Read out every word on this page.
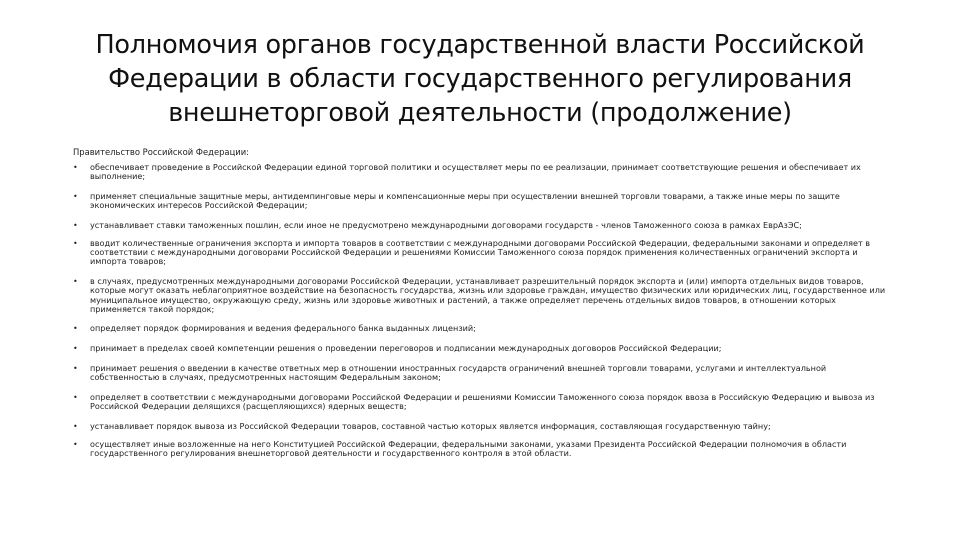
Полномочия органов государственной власти Российской Федерации в области государственного регулирования внешнеторговой деятельности (продолжение)

Правительство Российской Федерации:

• обеспечивает проведение в Российской Федерации единой торговой политики и осуществляет меры по ее реализации, принимает соответствующие решения и обеспечивает их выполнение;
• применяет специальные защитные меры, антидемпинговые меры и компенсационные меры при осуществлении внешней торговли товарами, а также иные меры по защите экономических интересов Российской Федерации;
• устанавливает ставки таможенных пошлин, если иное не предусмотрено международными договорами государств - членов Таможенного союза в рамках ЕврАзЭС;
• вводит количественные ограничения экспорта и импорта товаров в соответствии с международными договорами Российской Федерации, федеральными законами и определяет в соответствии с международными договорами Российской Федерации и решениями Комиссии Таможенного союза порядок применения количественных ограничений экспорта и импорта товаров;
• в случаях, предусмотренных международными договорами Российской Федерации, устанавливает разрешительный порядок экспорта и (или) импорта отдельных видов товаров, которые могут оказать неблагоприятное воздействие на безопасность государства, жизнь или здоровье граждан, имущество физических или юридических лиц, государственное или муниципальное имущество, окружающую среду, жизнь или здоровье животных и растений, а также определяет перечень отдельных видов товаров, в отношении которых применяется такой порядок;
• определяет порядок формирования и ведения федерального банка выданных лицензий;
• принимает в пределах своей компетенции решения о проведении переговоров и подписании международных договоров Российской Федерации;
• принимает решения о введении в качестве ответных мер в отношении иностранных государств ограничений внешней торговли товарами, услугами и интеллектуальной собственностью в случаях, предусмотренных настоящим Федеральным законом;
• определяет в соответствии с международными договорами Российской Федерации и решениями Комиссии Таможенного союза порядок ввоза в Российскую Федерацию и вывоза из Российской Федерации делящихся (расщепляющихся) ядерных веществ;
• устанавливает порядок вывоза из Российской Федерации товаров, составной частью которых является информация, составляющая государственную тайну;
• осуществляет иные возложенные на него Конституцией Российской Федерации, федеральными законами, указами Президента Российской Федерации полномочия в области государственного регулирования внешнеторговой деятельности и государственного контроля в этой области.
